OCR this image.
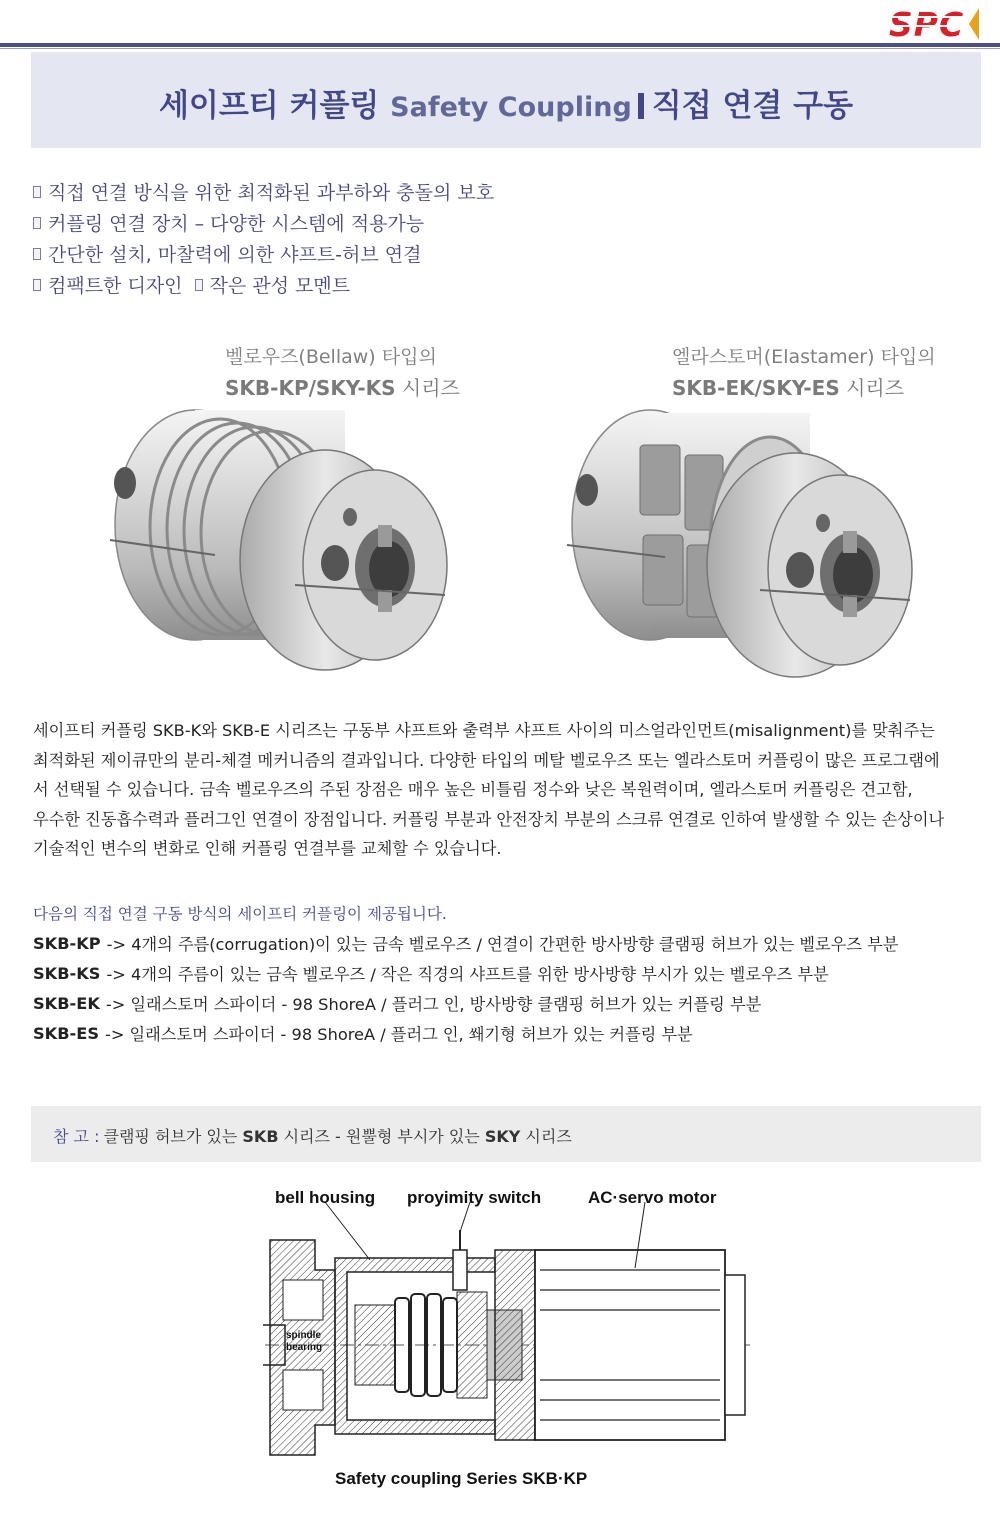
SPC
세이프티 커플링 Safety Coupling 직접 연결 구동
직접 연결 방식을 위한 최적화된 과부하와 충돌의 보호
커플링 연결 장치 – 다양한 시스템에 적용가능
간단한 설치, 마찰력에 의한 샤프트-허브 연결
컴팩트한 디자인 작은 관성 모멘트
벨로우즈(Bellaw) 타입의
SKB-KP/SKY-KS 시리즈
엘라스토머(Elastamer) 타입의
SKB-EK/SKY-ES 시리즈
세이프티 커플링 SKB-K와 SKB-E 시리즈는 구동부 샤프트와 출력부 샤프트 사이의 미스얼라인먼트(misalignment)를 맞춰주는
최적화된 제이큐만의 분리-체결 메커니즘의 결과입니다. 다양한 타입의 메탈 벨로우즈 또는 엘라스토머 커플링이 많은 프로그램에
서 선택될 수 있습니다. 금속 벨로우즈의 주된 장점은 매우 높은 비틀림 정수와 낮은 복원력이며, 엘라스토머 커플링은 견고함,
우수한 진동흡수력과 플러그인 연결이 장점입니다. 커플링 부분과 안전장치 부분의 스크류 연결로 인하여 발생할 수 있는 손상이나
기술적인 변수의 변화로 인해 커플링 연결부를 교체할 수 있습니다.
다음의 직접 연결 구동 방식의 세이프티 커플링이 제공됩니다.
SKB-KP -> 4개의 주름(corrugation)이 있는 금속 벨로우즈 / 연결이 간편한 방사방향 클램핑 허브가 있는 벨로우즈 부분
SKB-KS -> 4개의 주름이 있는 금속 벨로우즈 / 작은 직경의 샤프트를 위한 방사방향 부시가 있는 벨로우즈 부분
SKB-EK -> 일래스토머 스파이더 - 98 ShoreA / 플러그 인, 방사방향 클램핑 허브가 있는 커플링 부분
SKB-ES -> 일래스토머 스파이더 - 98 ShoreA / 플러그 인, 쐐기형 허브가 있는 커플링 부분
참 고 : 클램핑 허브가 있는 SKB 시리즈 - 원뿔형 부시가 있는 SKY 시리즈
bell housing proyimity switch	AC·servo motor
spindle
bearing
Safety coupling Series SKB·KP
